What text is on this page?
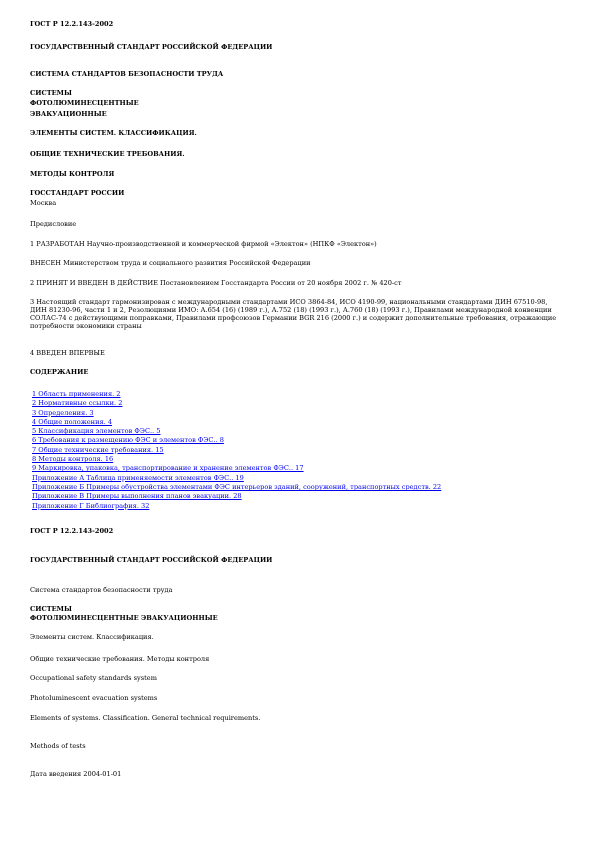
ГОСТ Р 12.2.143-2002
ГОСУДАРСТВЕННЫЙ СТАНДАРТ РОССИЙСКОЙ ФЕДЕРАЦИИ
СИСТЕМА СТАНДАРТОВ БЕЗОПАСНОСТИ ТРУДА
СИСТЕМЫ
ФОТОЛЮМИНЕСЦЕНТНЫЕ
ЭВАКУАЦИОННЫЕ
ЭЛЕМЕНТЫ СИСТЕМ. КЛАССИФИКАЦИЯ.
ОБЩИЕ ТЕХНИЧЕСКИЕ ТРЕБОВАНИЯ.
МЕТОДЫ КОНТРОЛЯ
ГОССТАНДАРТ РОССИИ
Москва
Предисловие
1 РАЗРАБОТАН Научно-производственной и коммерческой фирмой «Электон» (НПКФ «Электон»)
ВНЕСЕН Министерством труда и социального развития Российской Федерации
2 ПРИНЯТ И ВВЕДЕН В ДЕЙСТВИЕ Постановлением Госстандарта России от 20 ноября 2002 г. № 420-ст
3 Настоящий стандарт гармонизирован с международными стандартами ИСО 3864-84, ИСО 4190-99, национальными стандартами ДИН 67510-98, ДИН 81230-96, части 1 и 2, Резолюциями ИМО: А.654 (16) (1989 г.), А.752 (18) (1993 г.), А.760 (18) (1993 г.), Правилами международной конвенции СОЛАС-74 с действующими поправками, Правилами профсоюзов Германии BGR 216 (2000 г.) и содержит дополнительные требования, отражающие потребности экономики страны
4 ВВЕДЕН ВПЕРВЫЕ
СОДЕРЖАНИЕ
1 Область применения. 2
2 Нормативные ссылки. 2
3 Определения. 3
4 Общие положения. 4
5 Классификация элементов ФЭС.. 5
6 Требования к размещению ФЭС и элементов ФЭС.. 8
7 Общие технические требования. 15
8 Методы контроля. 16
9 Маркировка, упаковка, транспортирование и хранение элементов ФЭС.. 17
Приложение А Таблица применяемости элементов ФЭС.. 19
Приложение Б Примеры обустройства элементами ФЭС интерьеров зданий, сооружений, транспортных средств. 22
Приложение В Примеры выполнения планов эвакуации. 28
Приложение Г Библиография. 32
ГОСТ Р 12.2.143-2002
ГОСУДАРСТВЕННЫЙ СТАНДАРТ РОССИЙСКОЙ ФЕДЕРАЦИИ
Система стандартов безопасности труда
СИСТЕМЫ
ФОТОЛЮМИНЕСЦЕНТНЫЕ ЭВАКУАЦИОННЫЕ
Элементы систем. Классификация.
Общие технические требования. Методы контроля
Occupational safety standards system
Photoluminescent evacuation systems
Elements of systems. Classification. General technical requirements.
Methods of tests
Дата введения 2004-01-01
